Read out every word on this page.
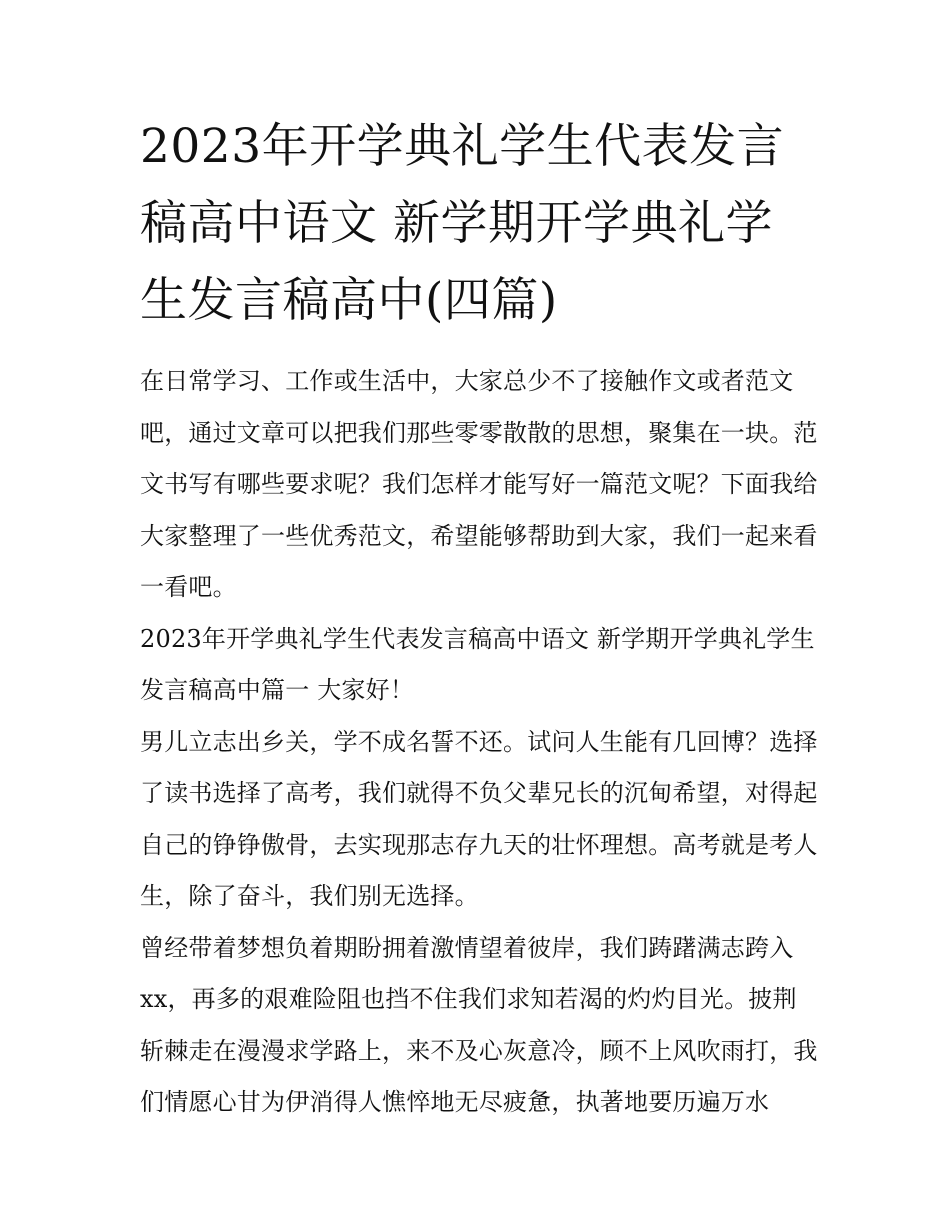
2023年开学典礼学生代表发言稿高中语文 新学期开学典礼学生发言稿高中(四篇)

在日常学习、工作或生活中，大家总少不了接触作文或者范文吧，通过文章可以把我们那些零零散散的思想，聚集在一块。范文书写有哪些要求呢？我们怎样才能写好一篇范文呢？下面我给大家整理了一些优秀范文，希望能够帮助到大家，我们一起来看一看吧。

2023年开学典礼学生代表发言稿高中语文 新学期开学典礼学生发言稿高中篇一 大家好！

男儿立志出乡关，学不成名誓不还。试问人生能有几回博？选择了读书选择了高考，我们就得不负父辈兄长的沉甸希望，对得起自己的铮铮傲骨，去实现那志存九天的壮怀理想。高考就是考人生，除了奋斗，我们别无选择。

曾经带着梦想负着期盼拥着激情望着彼岸，我们踌躇满志跨入xx，再多的艰难险阻也挡不住我们求知若渴的灼灼目光。披荆斩棘走在漫漫求学路上，来不及心灰意冷，顾不上风吹雨打，我们情愿心甘为伊消得人憔悴地无尽疲惫，执著地要历遍万水
